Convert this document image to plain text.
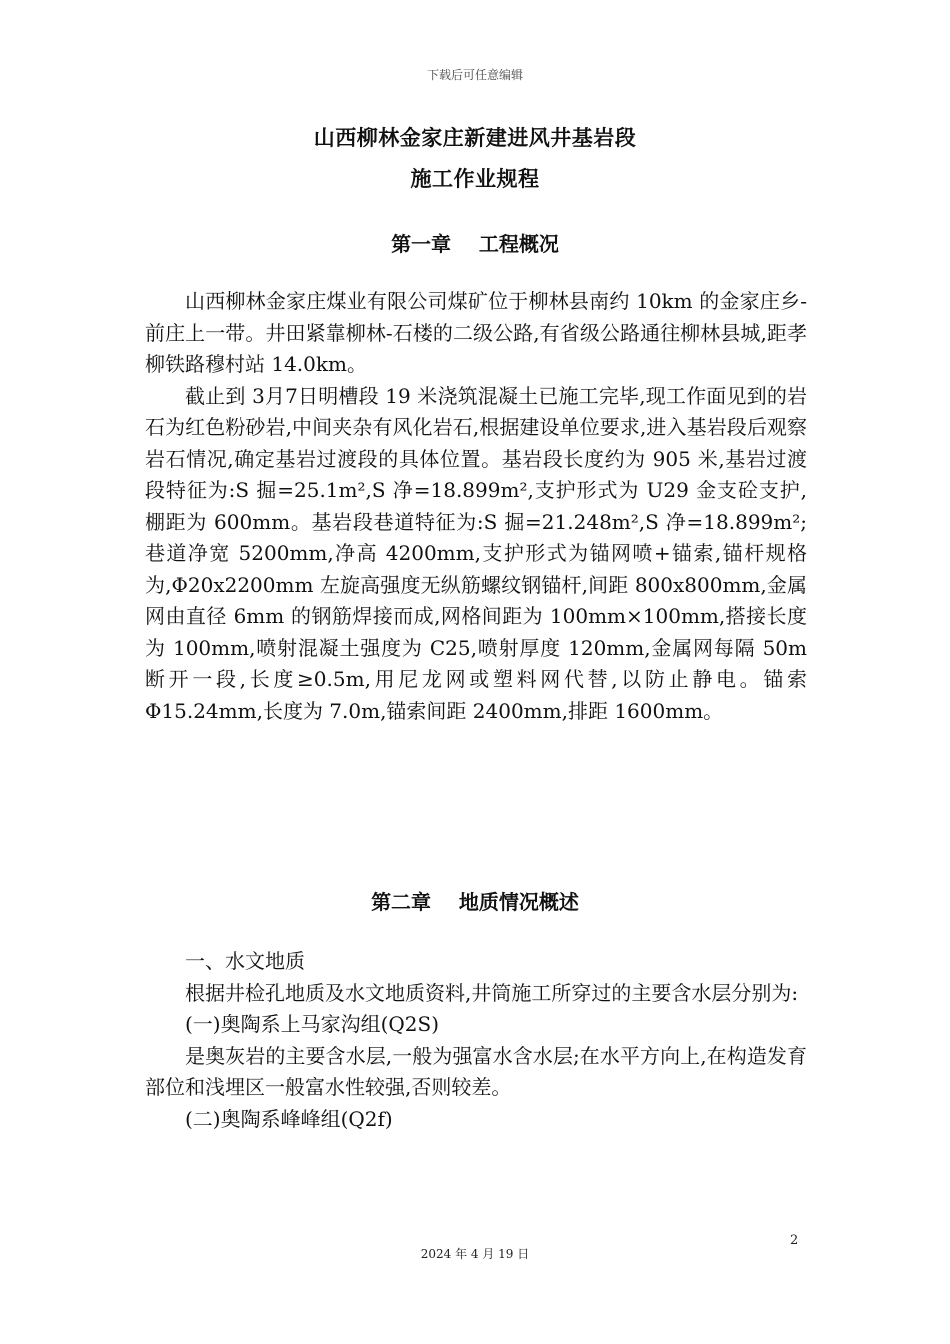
下载后可任意编辑
山西柳林金家庄新建进风井基岩段
施工作业规程
第一章    工程概况

山西柳林金家庄煤业有限公司煤矿位于柳林县南约 10km 的金家庄乡-前庄上一带。井田紧靠柳林-石楼的二级公路,有省级公路通往柳林县城,距孝柳铁路穆村站 14.0km。

截止到 3月7日明槽段 19 米浇筑混凝土已施工完毕,现工作面见到的岩石为红色粉砂岩,中间夹杂有风化岩石,根据建设单位要求,进入基岩段后观察岩石情况,确定基岩过渡段的具体位置。基岩段长度约为 905 米,基岩过渡段特征为:S 掘=25.1m²,S 净=18.899m²,支护形式为 U29 金支砼支护,棚距为 600mm。基岩段巷道特征为:S 掘=21.248m²,S 净=18.899m²;巷道净宽 5200mm,净高 4200mm,支护形式为锚网喷+锚索,锚杆规格为,Φ20x2200mm 左旋高强度无纵筋螺纹钢锚杆,间距 800x800mm,金属网由直径 6mm 的钢筋焊接而成,网格间距为 100mm×100mm,搭接长度为 100mm,喷射混凝土强度为 C25,喷射厚度 120mm,金属网每隔 50m 断开一段,长度≥0.5m,用尼龙网或塑料网代替,以防止静电。锚索 Φ15.24mm,长度为 7.0m,锚索间距 2400mm,排距 1600mm。

第二章    地质情况概述

一、水文地质

根据井检孔地质及水文地质资料,井筒施工所穿过的主要含水层分别为:

(一)奥陶系上马家沟组(Q2S)

是奥灰岩的主要含水层,一般为强富水含水层;在水平方向上,在构造发育部位和浅埋区一般富水性较强,否则较差。

(二)奥陶系峰峰组(Q2f)

2
2024 年 4 月 19 日
